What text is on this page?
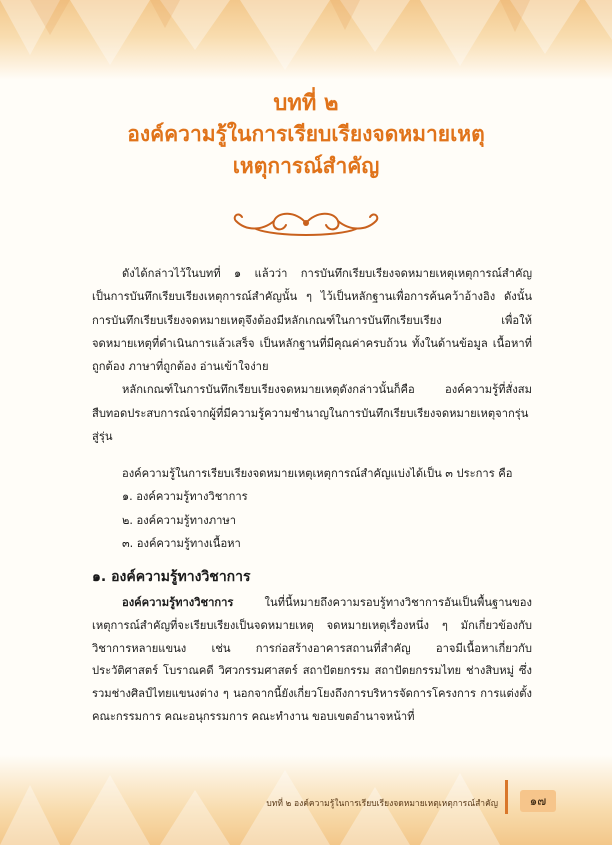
บทที่ ๒
องค์ความรู้ในการเรียบเรียงจดหมายเหตุ
เหตุการณ์สำคัญ

ดังได้กล่าวไว้ในบทที่ ๑ แล้วว่า การบันทึกเรียบเรียงจดหมายเหตุเหตุการณ์สำคัญเป็นการบันทึกเรียบเรียงเหตุการณ์สำคัญนั้น ๆ ไว้เป็นหลักฐานเพื่อการค้นคว้าอ้างอิง ดังนั้น การบันทึกเรียบเรียงจดหมายเหตุจึงต้องมีหลักเกณฑ์ในการบันทึกเรียบเรียง เพื่อให้จดหมายเหตุที่ดำเนินการแล้วเสร็จ เป็นหลักฐานที่มีคุณค่าครบถ้วน ทั้งในด้านข้อมูล เนื้อหาที่ถูกต้อง ภาษาที่ถูกต้อง อ่านเข้าใจง่าย

หลักเกณฑ์ในการบันทึกเรียบเรียงจดหมายเหตุดังกล่าวนั้นก็คือ องค์ความรู้ที่สั่งสมสืบทอดประสบการณ์จากผู้ที่มีความรู้ความชำนาญในการบันทึกเรียบเรียงจดหมายเหตุจากรุ่นสู่รุ่น

องค์ความรู้ในการเรียบเรียงจดหมายเหตุเหตุการณ์สำคัญแบ่งได้เป็น ๓ ประการ คือ

๑. องค์ความรู้ทางวิชาการ

๒. องค์ความรู้ทางภาษา

๓. องค์ความรู้ทางเนื้อหา

๑. องค์ความรู้ทางวิชาการ

องค์ความรู้ทางวิชาการ ในที่นี้หมายถึงความรอบรู้ทางวิชาการอันเป็นพื้นฐานของเหตุการณ์สำคัญที่จะเรียบเรียงเป็นจดหมายเหตุ จดหมายเหตุเรื่องหนึ่ง ๆ มักเกี่ยวข้องกับวิชาการหลายแขนง เช่น การก่อสร้างอาคารสถานที่สำคัญ อาจมีเนื้อหาเกี่ยวกับประวัติศาสตร์ โบราณคดี วิศวกรรมศาสตร์ สถาปัตยกรรม สถาปัตยกรรมไทย ช่างสิบหมู่ ซึ่งรวมช่างศิลป์ไทยแขนงต่าง ๆ นอกจากนี้ยังเกี่ยวโยงถึงการบริหารจัดการโครงการ การแต่งตั้งคณะกรรมการ คณะอนุกรรมการ คณะทำงาน ขอบเขตอำนาจหน้าที่

บทที่ ๒ องค์ความรู้ในการเรียบเรียงจดหมายเหตุเหตุการณ์สำคัญ	๑๗
